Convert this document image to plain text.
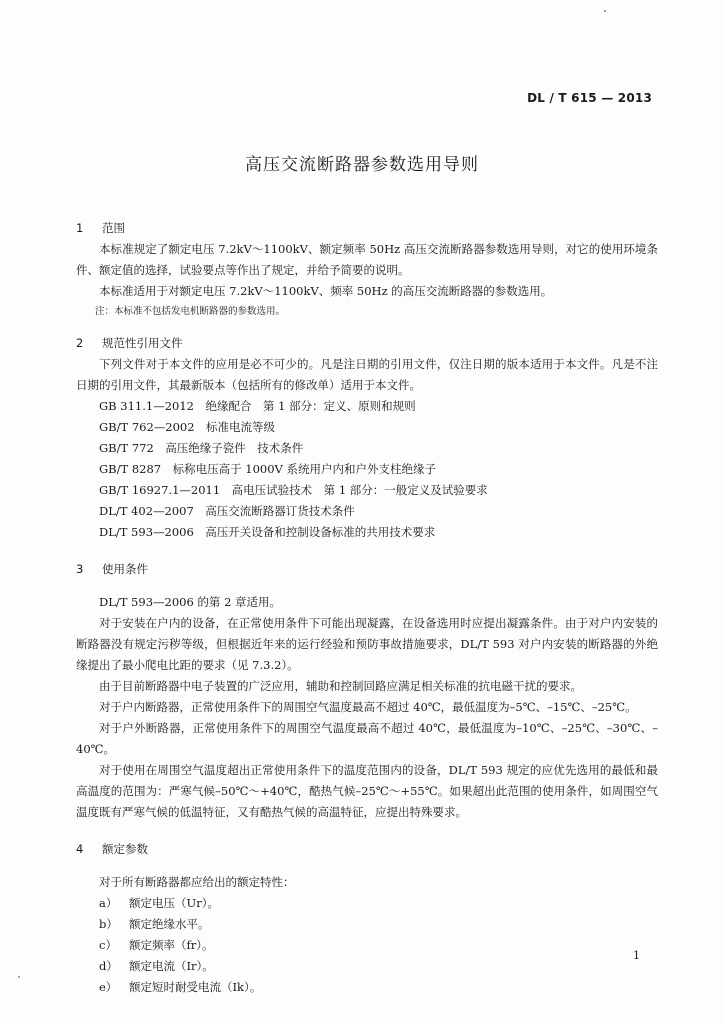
DL / T 615 — 2013
高压交流断路器参数选用导则
1 范围

本标准规定了额定电压 7.2kV～1100kV、额定频率 50Hz 高压交流断路器参数选用导则，对它的使用环境条件、额定值的选择，试验要点等作出了规定，并给予简要的说明。

本标准适用于对额定电压 7.2kV～1100kV、频率 50Hz 的高压交流断路器的参数选用。

注：本标准不包括发电机断路器的参数选用。

2 规范性引用文件

下列文件对于本文件的应用是必不可少的。凡是注日期的引用文件，仅注日期的版本适用于本文件。凡是不注日期的引用文件，其最新版本（包括所有的修改单）适用于本文件。

GB 311.1—2012　绝缘配合　第 1 部分：定义、原则和规则

GB/T 762—2002　标准电流等级

GB/T 772　高压绝缘子瓷件　技术条件

GB/T 8287　标称电压高于 1000V 系统用户内和户外支柱绝缘子

GB/T 16927.1—2011　高电压试验技术　第 1 部分：一般定义及试验要求

DL/T 402—2007　高压交流断路器订货技术条件

DL/T 593—2006　高压开关设备和控制设备标准的共用技术要求

3 使用条件

DL/T 593—2006 的第 2 章适用。

对于安装在户内的设备，在正常使用条件下可能出现凝露，在设备选用时应提出凝露条件。由于对户内安装的断路器没有规定污秽等级，但根据近年来的运行经验和预防事故措施要求，DL/T 593 对户内安装的断路器的外绝缘提出了最小爬电比距的要求（见 7.3.2）。

由于目前断路器中电子装置的广泛应用，辅助和控制回路应满足相关标准的抗电磁干扰的要求。

对于户内断路器，正常使用条件下的周围空气温度最高不超过 40℃，最低温度为–5℃、–15℃、–25℃。

对于户外断路器，正常使用条件下的周围空气温度最高不超过 40℃，最低温度为–10℃、–25℃、–30℃、–40℃。

对于使用在周围空气温度超出正常使用条件下的温度范围内的设备，DL/T 593 规定的应优先选用的最低和最高温度的范围为：严寒气候–50℃～+40℃，酷热气候–25℃～+55℃。如果超出此范围的使用条件，如周围空气温度既有严寒气候的低温特征，又有酷热气候的高温特征，应提出特殊要求。

4 额定参数

对于所有断路器都应给出的额定特性：

a） 额定电压（Ur）。

b） 额定绝缘水平。

c） 额定频率（fr）。

d） 额定电流（Ir）。

e） 额定短时耐受电流（Ik）。

1
